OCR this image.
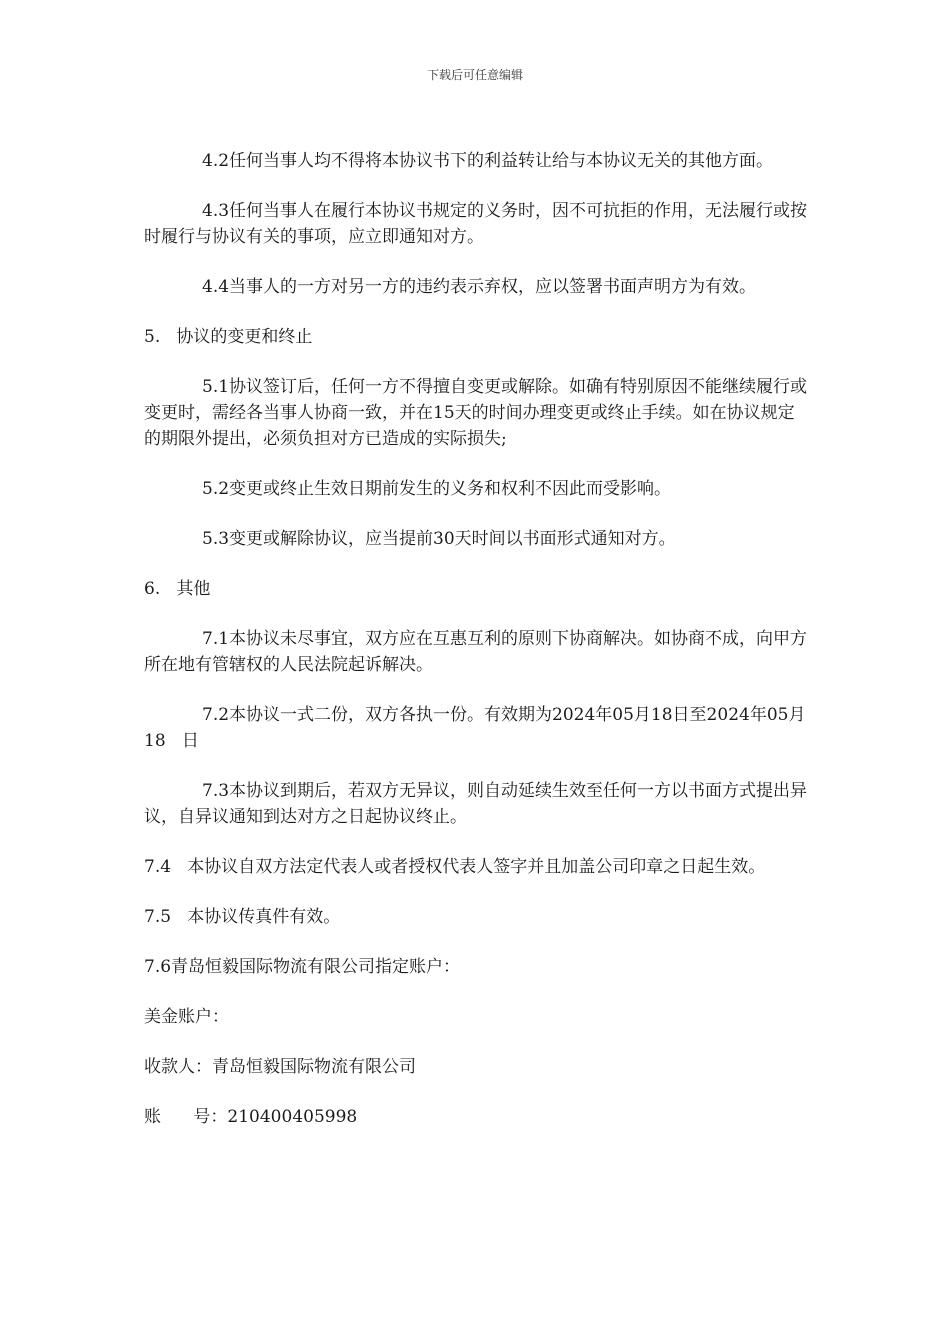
下载后可任意编辑

4.2任何当事人均不得将本协议书下的利益转让给与本协议无关的其他方面。

4.3任何当事人在履行本协议书规定的义务时，因不可抗拒的作用，无法履行或按时履行与协议有关的事项，应立即通知对方。

4.4当事人的一方对另一方的违约表示弃权，应以签署书面声明方为有效。

5.   协议的变更和终止

5.1协议签订后，任何一方不得擅自变更或解除。如确有特别原因不能继续履行或变更时，需经各当事人协商一致，并在15天的时间办理变更或终止手续。如在协议规定的期限外提出，必须负担对方已造成的实际损失;

5.2变更或终止生效日期前发生的义务和权利不因此而受影响。

5.3变更或解除协议，应当提前30天时间以书面形式通知对方。

6.   其他

7.1本协议未尽事宜，双方应在互惠互利的原则下协商解决。如协商不成，向甲方所在地有管辖权的人民法院起诉解决。

7.2本协议一式二份，双方各执一份。有效期为2024年05月18日至2024年05月18   日

7.3本协议到期后，若双方无异议，则自动延续生效至任何一方以书面方式提出异议，自异议通知到达对方之日起协议终止。

7.4   本协议自双方法定代表人或者授权代表人签字并且加盖公司印章之日起生效。

7.5   本协议传真件有效。

7.6青岛恒毅国际物流有限公司指定账户：

美金账户：

收款人：青岛恒毅国际物流有限公司

账      号：210400405998
